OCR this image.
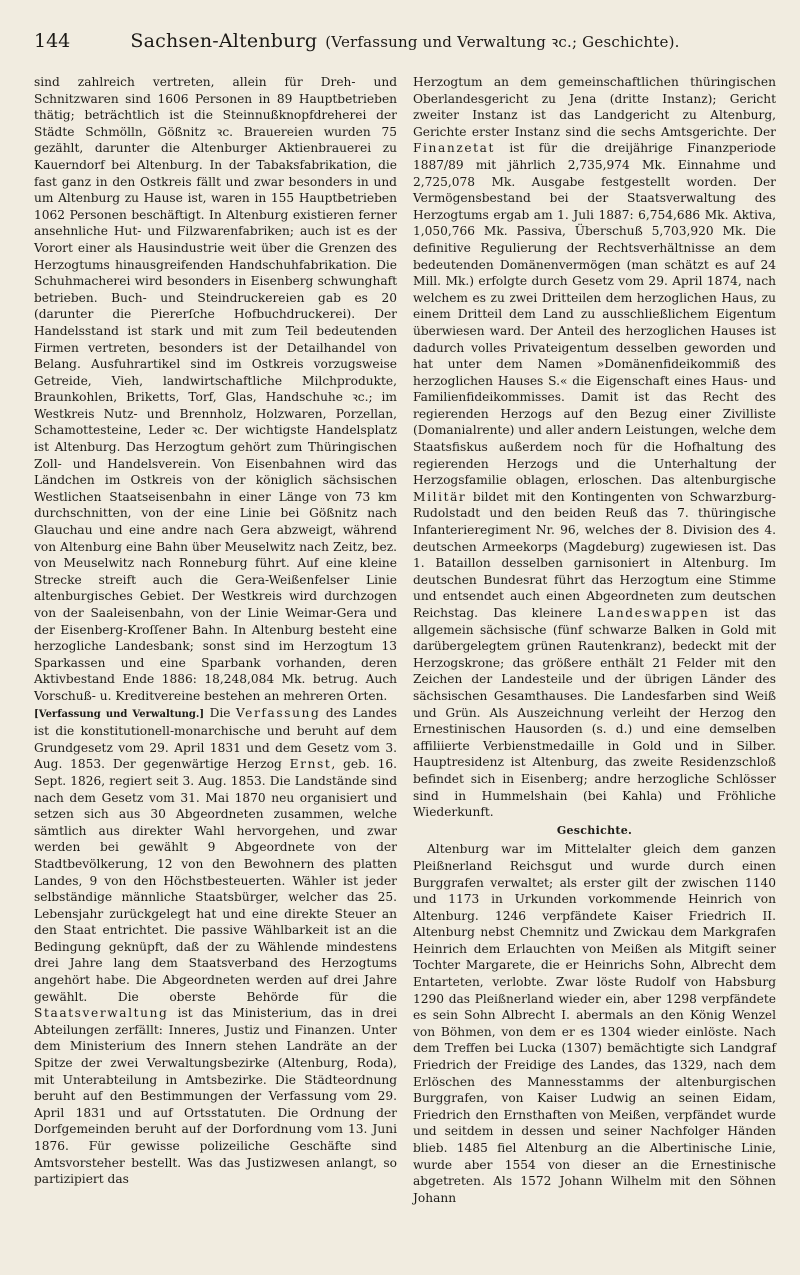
144	Sachsen-Altenburg (Verfassung und Verwaltung ꝛc.; Geschichte).

sind zahlreich vertreten, allein für Dreh- und Schnitzwaren sind 1606 Personen in 89 Hauptbetrieben thätig; beträchtlich ist die Steinnußknopfdreherei der Städte Schmölln, Gößnitz ꝛc. Brauereien wurden 75 gezählt, darunter die Altenburger Aktienbrauerei zu Kauerndorf bei Altenburg. In der Tabaksfabrikation, die fast ganz in den Ostkreis fällt und zwar besonders in und um Altenburg zu Hause ist, waren in 155 Hauptbetrieben 1062 Personen beschäftigt. In Altenburg existieren ferner ansehnliche Hut- und Filzwarenfabriken; auch ist es der Vorort einer als Hausindustrie weit über die Grenzen des Herzogtums hinausgreifenden Handschuhfabrikation. Die Schuhmacherei wird besonders in Eisenberg schwunghaft betrieben. Buch- und Steindruckereien gab es 20 (darunter die Piererſche Hofbuchdruckerei). Der Handelsstand ist stark und mit zum Teil bedeutenden Firmen vertreten, besonders ist der Detailhandel von Belang. Ausfuhrartikel sind im Ostkreis vorzugsweise Getreide, Vieh, landwirtschaftliche Milchprodukte, Braunkohlen, Briketts, Torf, Glas, Handschuhe ꝛc.; im Westkreis Nutz- und Brennholz, Holzwaren, Porzellan, Schamottesteine, Leder ꝛc. Der wichtigste Handelsplatz ist Altenburg. Das Herzogtum gehört zum Thüringischen Zoll- und Handelsverein. Von Eisenbahnen wird das Ländchen im Ostkreis von der königlich sächsischen Westlichen Staatseisenbahn in einer Länge von 73 km durchschnitten, von der eine Linie bei Gößnitz nach Glauchau und eine andre nach Gera abzweigt, während von Altenburg eine Bahn über Meuselwitz nach Zeitz, bez. von Meuselwitz nach Ronneburg führt. Auf eine kleine Strecke streift auch die Gera-Weißenfelser Linie altenburgisches Gebiet. Der Westkreis wird durchzogen von der Saaleisenbahn, von der Linie Weimar-Gera und der Eisenberg-Kroſſener Bahn. In Altenburg besteht eine herzogliche Landesbank; sonst sind im Herzogtum 13 Sparkassen und eine Sparbank vorhanden, deren Aktivbestand Ende 1886: 18,248,084 Mk. betrug. Auch Vorschuß- u. Kreditvereine bestehen an mehreren Orten.

[Verfassung und Verwaltung.] Die Verfassung des Landes ist die konstitutionell-monarchische und beruht auf dem Grundgesetz vom 29. April 1831 und dem Gesetz vom 3. Aug. 1853. Der gegenwärtige Herzog Ernst, geb. 16. Sept. 1826, regiert seit 3. Aug. 1853. Die Landstände sind nach dem Gesetz vom 31. Mai 1870 neu organisiert und setzen sich aus 30 Abgeordneten zusammen, welche sämtlich aus direkter Wahl hervorgehen, und zwar werden bei gewählt 9 Abgeordnete von der Stadtbevölkerung, 12 von den Bewohnern des platten Landes, 9 von den Höchstbesteuerten. Wähler ist jeder selbständige männliche Staatsbürger, welcher das 25. Lebensjahr zurückgelegt hat und eine direkte Steuer an den Staat entrichtet. Die passive Wählbarkeit ist an die Bedingung geknüpft, daß der zu Wählende mindestens drei Jahre lang dem Staatsverband des Herzogtums angehört habe. Die Abgeordneten werden auf drei Jahre gewählt. Die oberste Behörde für die Staatsverwaltung ist das Ministerium, das in drei Abteilungen zerfällt: Inneres, Justiz und Finanzen. Unter dem Ministerium des Innern stehen Landräte an der Spitze der zwei Verwaltungsbezirke (Altenburg, Roda), mit Unterabteilung in Amtsbezirke. Die Städteordnung beruht auf den Bestimmungen der Verfassung vom 29. April 1831 und auf Ortsstatuten. Die Ordnung der Dorfgemeinden beruht auf der Dorfordnung vom 13. Juni 1876. Für gewisse polizeiliche Geschäfte sind Amtsvorsteher bestellt. Was das Justizwesen anlangt, so partizipiert das

Herzogtum an dem gemeinschaftlichen thüringischen Oberlandesgericht zu Jena (dritte Instanz); Gericht zweiter Instanz ist das Landgericht zu Altenburg, Gerichte erster Instanz sind die sechs Amtsgerichte. Der Finanzetat ist für die dreijährige Finanzperiode 1887/89 mit jährlich 2,735,974 Mk. Einnahme und 2,725,078 Mk. Ausgabe festgestellt worden. Der Vermögensbestand bei der Staatsverwaltung des Herzogtums ergab am 1. Juli 1887: 6,754,686 Mk. Aktiva, 1,050,766 Mk. Passiva, Überschuß 5,703,920 Mk. Die definitive Regulierung der Rechtsverhältnisse an dem bedeutenden Domänenvermögen (man schätzt es auf 24 Mill. Mk.) erfolgte durch Gesetz vom 29. April 1874, nach welchem es zu zwei Dritteilen dem herzoglichen Haus, zu einem Dritteil dem Land zu ausschließlichem Eigentum überwiesen ward. Der Anteil des herzoglichen Hauses ist dadurch volles Privateigentum desselben geworden und hat unter dem Namen »Domänenfideikommiß des herzoglichen Hauses S.« die Eigenschaft eines Haus- und Familienfideikommisses. Damit ist das Recht des regierenden Herzogs auf den Bezug einer Zivilliste (Domanialrente) und aller andern Leistungen, welche dem Staatsfiskus außerdem noch für die Hofhaltung des regierenden Herzogs und die Unterhaltung der Herzogsfamilie oblagen, erloschen. Das altenburgische Militär bildet mit den Kontingenten von Schwarzburg-Rudolstadt und den beiden Reuß das 7. thüringische Infanterieregiment Nr. 96, welches der 8. Division des 4. deutschen Armeekorps (Magdeburg) zugewiesen ist. Das 1. Bataillon desselben garnisoniert in Altenburg. Im deutschen Bundesrat führt das Herzogtum eine Stimme und entsendet auch einen Abgeordneten zum deutschen Reichstag. Das kleinere Landeswappen ist das allgemein sächsische (fünf schwarze Balken in Gold mit darübergelegtem grünen Rautenkranz), bedeckt mit der Herzogskrone; das größere enthält 21 Felder mit den Zeichen der Landesteile und der übrigen Länder des sächsischen Gesamthauses. Die Landesfarben sind Weiß und Grün. Als Auszeichnung verleiht der Herzog den Ernestinischen Hausorden (s. d.) und eine demselben affiliierte Verbienstmedaille in Gold und in Silber. Hauptresidenz ist Altenburg, das zweite Residenzschloß befindet sich in Eisenberg; andre herzogliche Schlösser sind in Hummelshain (bei Kahla) und Fröhliche Wiederkunft.

Geschichte.

Altenburg war im Mittelalter gleich dem ganzen Pleißnerland Reichsgut und wurde durch einen Burggrafen verwaltet; als erster gilt der zwischen 1140 und 1173 in Urkunden vorkommende Heinrich von Altenburg. 1246 verpfändete Kaiser Friedrich II. Altenburg nebst Chemnitz und Zwickau dem Markgrafen Heinrich dem Erlauchten von Meißen als Mitgift seiner Tochter Margarete, die er Heinrichs Sohn, Albrecht dem Entarteten, verlobte. Zwar löste Rudolf von Habsburg 1290 das Pleißnerland wieder ein, aber 1298 verpfändete es sein Sohn Albrecht I. abermals an den König Wenzel von Böhmen, von dem er es 1304 wieder einlöste. Nach dem Treffen bei Lucka (1307) bemächtigte sich Landgraf Friedrich der Freidige des Landes, das 1329, nach dem Erlöschen des Mannesstamms der altenburgischen Burggrafen, von Kaiser Ludwig an seinen Eidam, Friedrich den Ernsthaften von Meißen, verpfändet wurde und seitdem in dessen und seiner Nachfolger Händen blieb. 1485 fiel Altenburg an die Albertinische Linie, wurde aber 1554 von dieser an die Ernestinische abgetreten. Als 1572 Johann Wilhelm mit den Söhnen Johann
